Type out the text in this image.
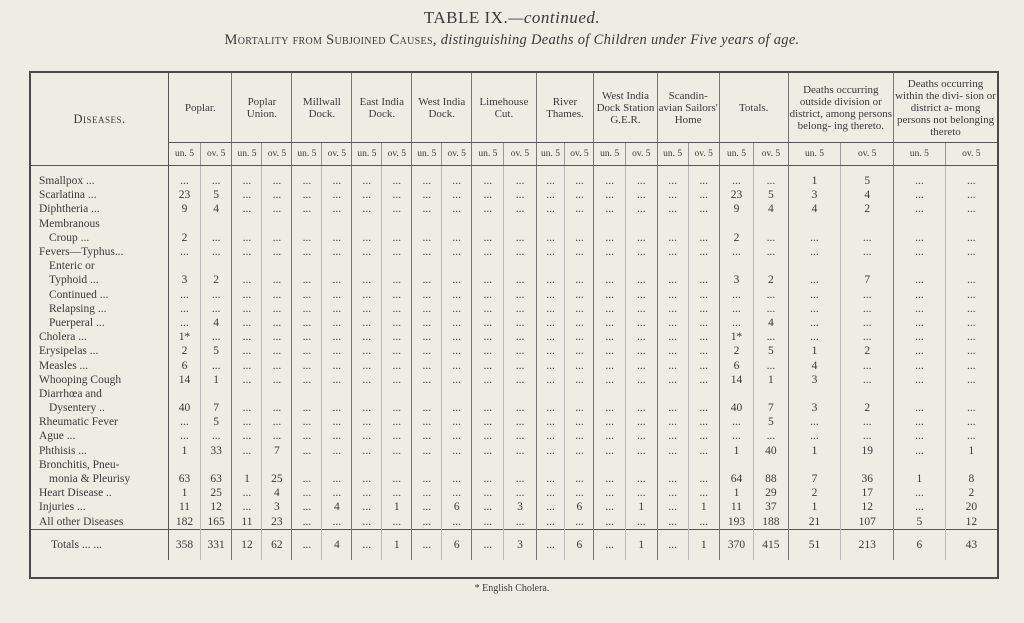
TABLE IX.—continued.
Mortality from Subjoined Causes, distinguishing Deaths of Children under Five years of age.
Diseases.	Poplar.		Poplar Union.		Millwall Dock.		East India Dock.		West India Dock.		Limehouse Cut.		River Thames.		West India Dock Station G.E.R.		Scandin- avian Sailors' Home		Totals.		Deaths occurring outside division or district, among persons belong- ing thereto.		Deaths occurring within the divi- sion or district a- mong persons not belonging thereto	
	un. 5	ov. 5	un. 5	ov. 5	un. 5	ov. 5	un. 5	ov. 5	un. 5	ov. 5	un. 5	ov. 5	un. 5	ov. 5	un. 5	ov. 5	un. 5	ov. 5	un. 5	ov. 5	un. 5	ov. 5	un. 5	ov. 5
Smallpox ...	...	...	...	...	...	...	...	...	...	...	...	...	...	...	...	...	...	...	...	...	1	5	...	...
Scarlatina ...	23	5	...	...	...	...	...	...	...	...	...	...	...	...	...	...	...	...	23	5	3	4	...	...
Diphtheria ...	9	4	...	...	...	...	...	...	...	...	...	...	...	...	...	...	...	...	9	4	4	2	...	...
Membranous																								
Croup ...	2	...	...	...	...	...	...	...	...	...	...	...	...	...	...	...	...	...	2	...	...	...	...	...
Fevers—Typhus...	...	...	...	...	...	...	...	...	...	...	...	...	...	...	...	...	...	...	...	...	...	...	...	...
Enteric or																								
Typhoid ...	3	2	...	...	...	...	...	...	...	...	...	...	...	...	...	...	...	...	3	2	...	7	...	...
Continued ...	...	...	...	...	...	...	...	...	...	...	...	...	...	...	...	...	...	...	...	...	...	...	...	...
Relapsing ...	...	...	...	...	...	...	...	...	...	...	...	...	...	...	...	...	...	...	...	...	...	...	...	...
Puerperal ...	...	4	...	...	...	...	...	...	...	...	...	...	...	...	...	...	...	...	...	4	...	...	...	...
Cholera ...	1*	...	...	...	...	...	...	...	...	...	...	...	...	...	...	...	...	...	1*	...	...	...	...	...
Erysipelas ...	2	5	...	...	...	...	...	...	...	...	...	...	...	...	...	...	...	...	2	5	1	2	...	...
Measles ...	6	...	...	...	...	...	...	...	...	...	...	...	...	...	...	...	...	...	6	...	4	...	...	...
Whooping Cough	14	1	...	...	...	...	...	...	...	...	...	...	...	...	...	...	...	...	14	1	3	...	...	...
Diarrhœa and																								
Dysentery ..	40	7	...	...	...	...	...	...	...	...	...	...	...	...	...	...	...	...	40	7	3	2	...	...
Rheumatic Fever	...	5	...	...	...	...	...	...	...	...	...	...	...	...	...	...	...	...	...	5	...	...	...	...
Ague ...	...	...	...	...	...	...	...	...	...	...	...	...	...	...	...	...	...	...	...	...	...	...	...	...
Phthisis ...	1	33	...	7	...	...	...	...	...	...	...	...	...	...	...	...	...	...	1	40	1	19	...	1
Bronchitis, Pneu-																								
monia & Pleurisy	63	63	1	25	...	...	...	...	...	...	...	...	...	...	...	...	...	...	64	88	7	36	1	8
Heart Disease ..	1	25	...	4	...	...	...	...	...	...	...	...	...	...	...	...	...	...	1	29	2	17	...	2
Injuries ...	11	12	...	3	...	4	...	1	...	6	...	3	...	6	...	1	...	1	11	37	1	12	...	20
All other Diseases	182	165	11	23	...	...	...	...	...	...	...	...	...	...	...	...	...	...	193	188	21	107	5	12
Totals ... ...	358	331	12	62	...	4	...	1	...	6	...	3	...	6	...	1	...	1	370	415	51	213	6	43
* English Cholera.
